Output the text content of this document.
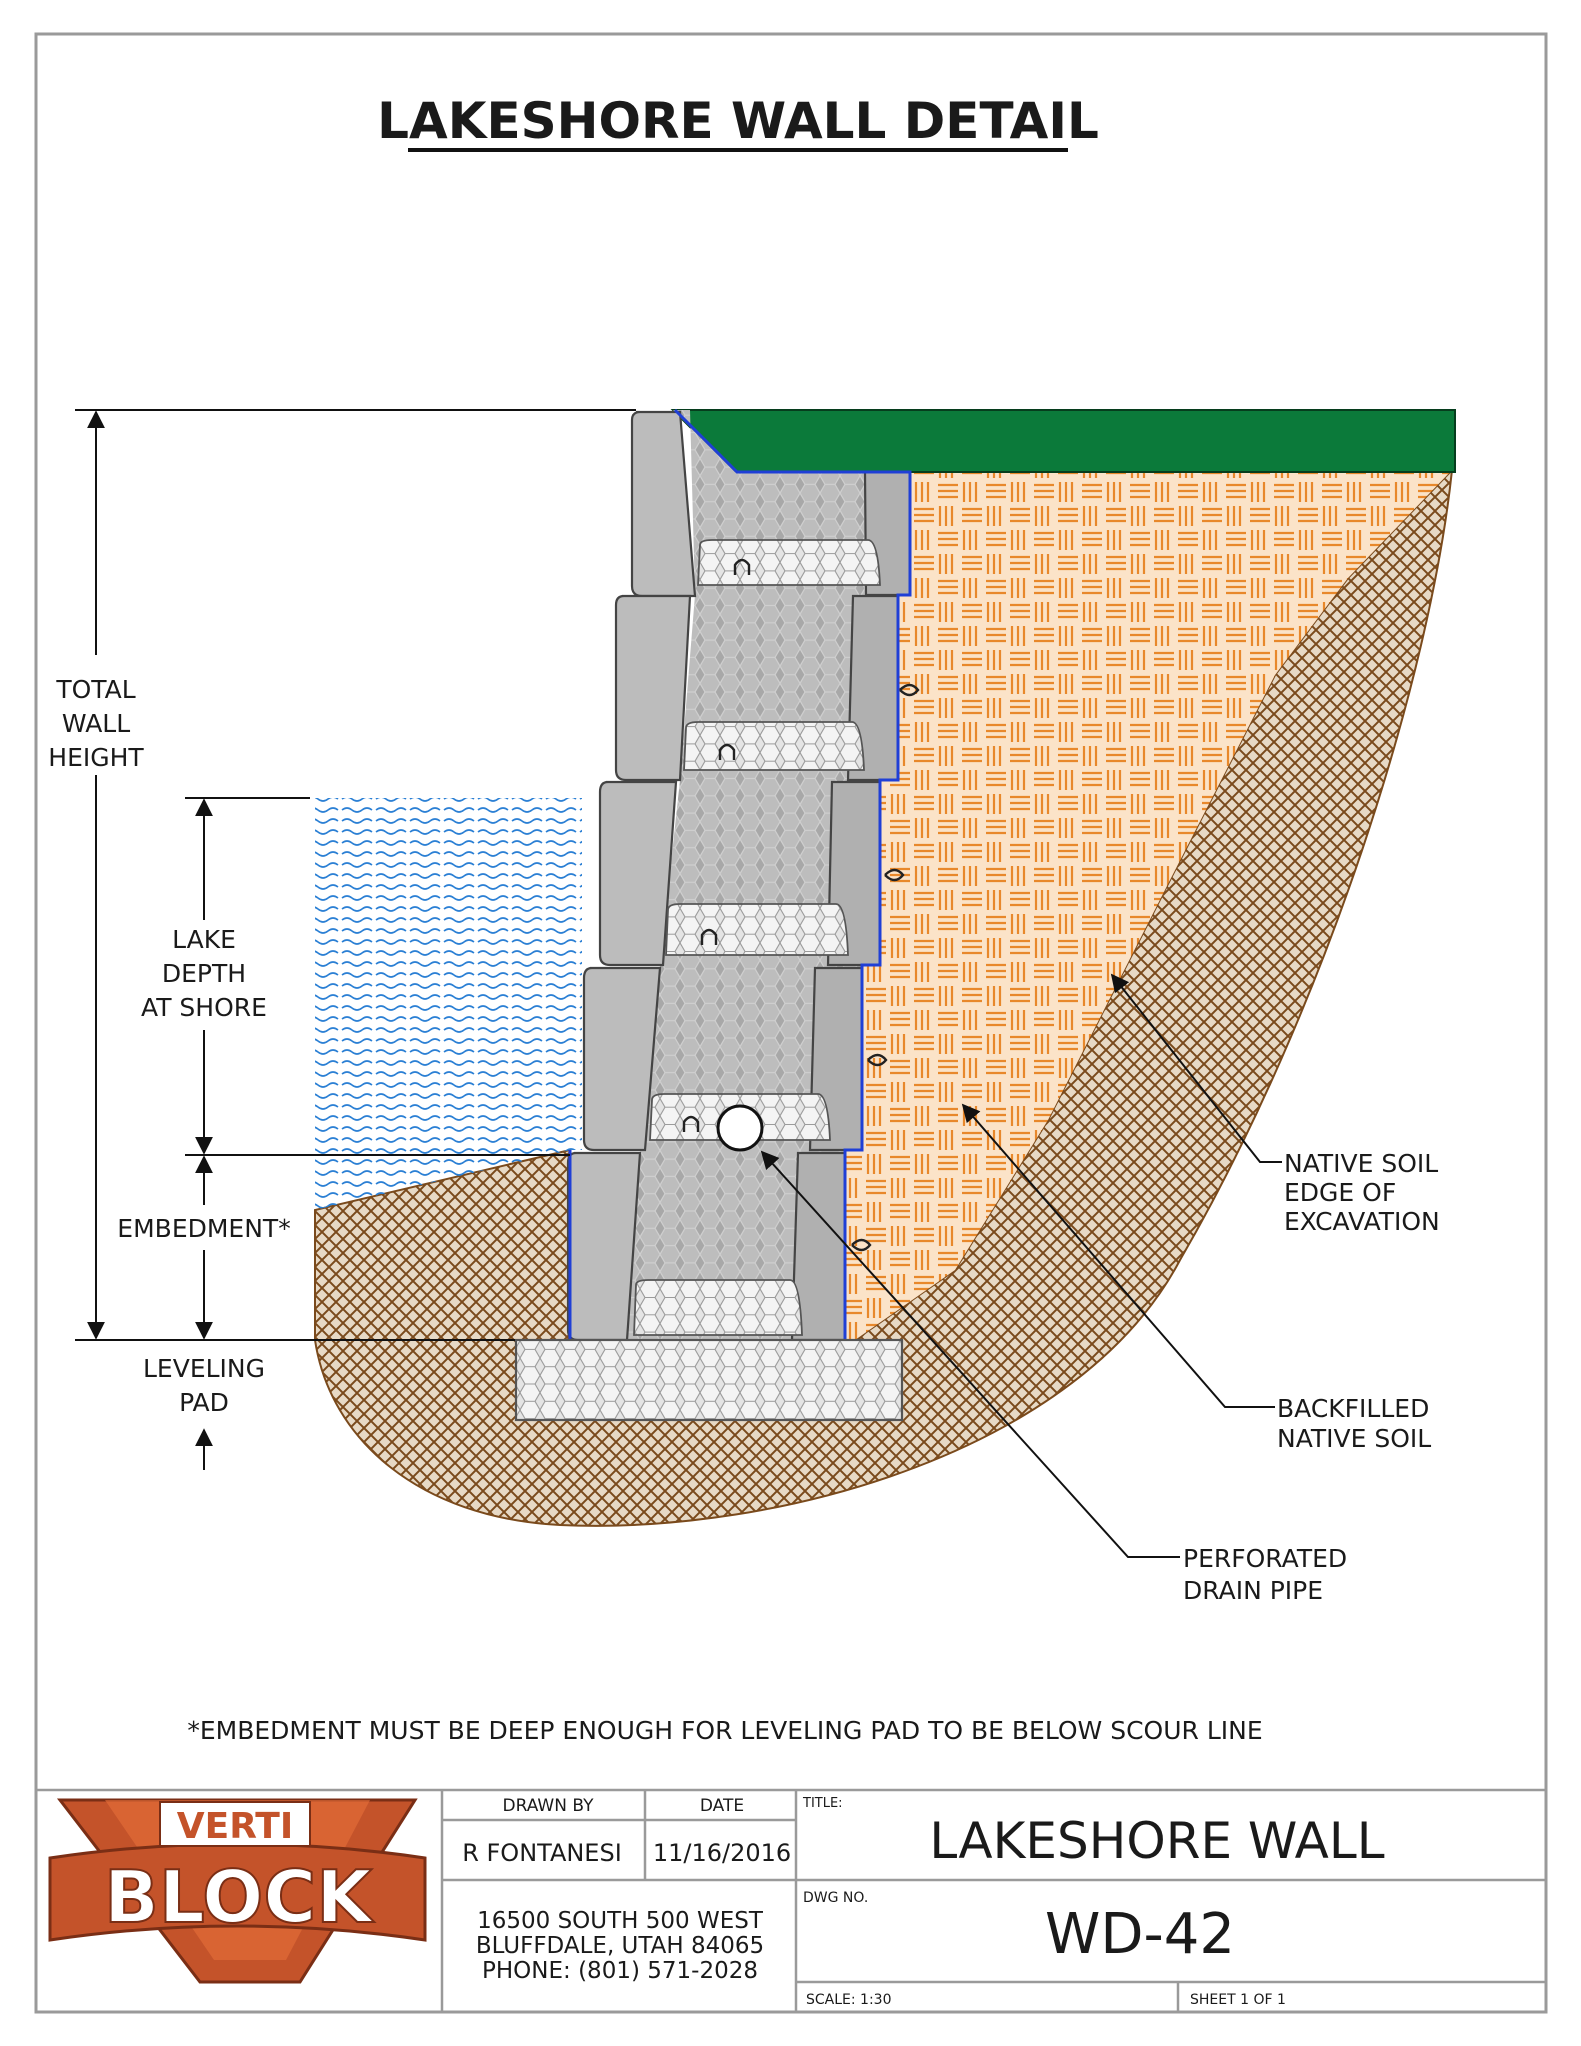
LAKESHORE WALL DETAIL
TOTAL
WALL
HEIGHT
LAKE
DEPTH
AT SHORE
EMBEDMENT*
LEVELING
PAD
NATIVE SOIL
EDGE OF
EXCAVATION
BACKFILLED
NATIVE SOIL
PERFORATED
DRAIN PIPE
*EMBEDMENT MUST BE DEEP ENOUGH FOR LEVELING PAD TO BE BELOW SCOUR LINE
VERTI
BLOCK
DRAWN BY	DATE
R FONTANESI 11/16/2016
16500 SOUTH 500 WEST
BLUFFDALE, UTAH 84065
PHONE: (801) 571-2028
TITLE:
LAKESHORE WALL
DWG NO.
WD-42
SCALE: 1:30	SHEET 1 OF 1
